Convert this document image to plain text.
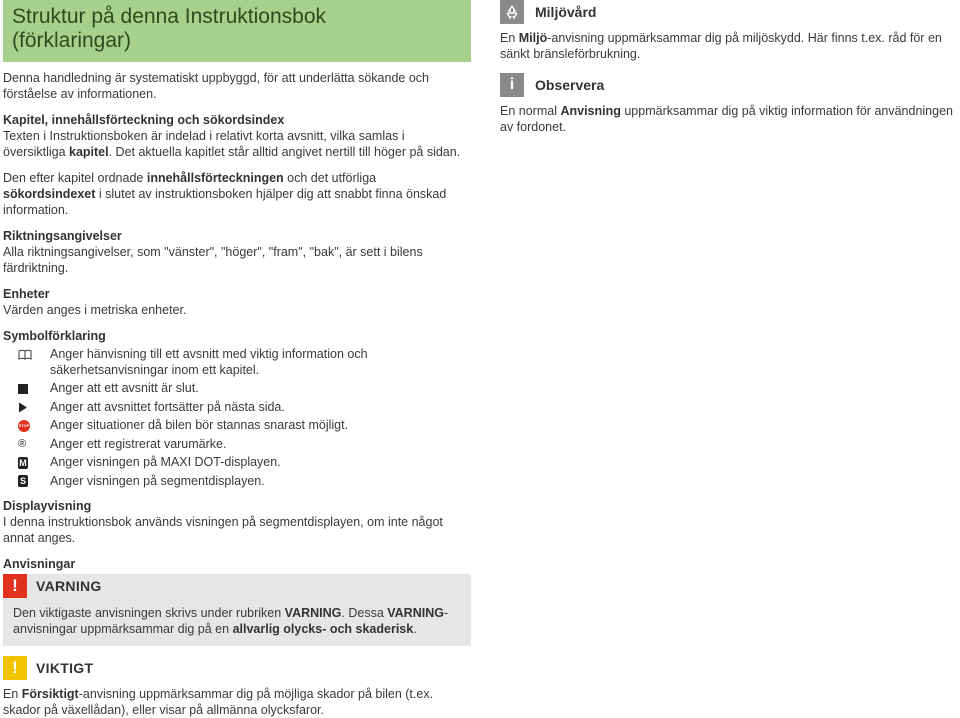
Struktur på denna Instruktionsbok
(förklaringar)

Denna handledning är systematiskt uppbyggd, för att underlätta sökande och förståelse av informationen.

Kapitel, innehållsförteckning och sökordsindex

Texten i Instruktionsboken är indelad i relativt korta avsnitt, vilka samlas i översiktliga kapitel. Det aktuella kapitlet står alltid angivet nertill till höger på sidan.

Den efter kapitel ordnade innehållsförteckningen och det utförliga sökordsindexet i slutet av instruktionsboken hjälper dig att snabbt finna önskad information.

Riktningsangivelser

Alla riktningsangivelser, som "vänster", "höger", "fram", "bak", är sett i bilens färdriktning.

Enheter

Värden anges i metriska enheter.

Symbolförklaring

Anger hänvisning till ett avsnitt med viktig information och säkerhetsanvisningar inom ett kapitel.
Anger att ett avsnitt är slut.
Anger att avsnittet fortsätter på nästa sida.
STOP Anger situationer då bilen bör stannas snarast möjligt.
® Anger ett registrerat varumärke.
M Anger visningen på MAXI DOT-displayen.
S Anger visningen på segmentdisplayen.

Displayvisning

I denna instruktionsbok används visningen på segmentdisplayen, om inte något annat anges.

Anvisningar

!	VARNING

Den viktigaste anvisningen skrivs under rubriken VARNING. Dessa VARNING-anvisningar uppmärksammar dig på en allvarlig olycks- och skaderisk.

!	VIKTIGT

En Försiktigt-anvisning uppmärksammar dig på möjliga skador på bilen (t.ex. skador på växellådan), eller visar på allmänna olycksfaror.

Miljövård

En Miljö-anvisning uppmärksammar dig på miljöskydd. Här finns t.ex. råd för en sänkt bränsleförbrukning.

i	Observera

En normal Anvisning uppmärksammar dig på viktig information för användningen av fordonet.
